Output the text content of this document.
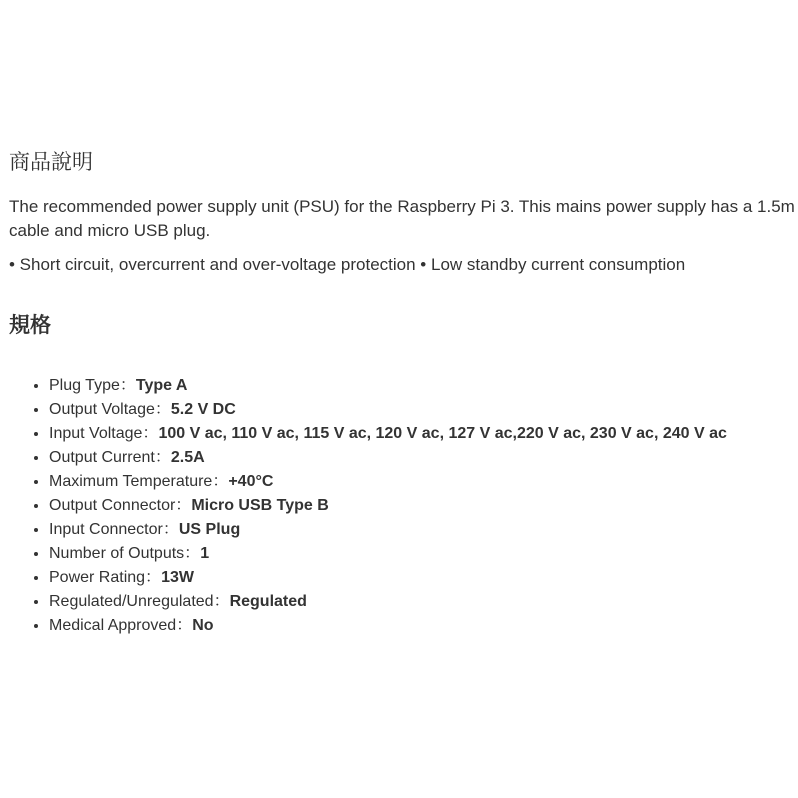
商品說明

The recommended power supply unit (PSU) for the Raspberry Pi 3. This mains power supply has a 1.5m cable and micro USB plug.

• Short circuit, overcurrent and over-voltage protection • Low standby current consumption

規格
• Plug Type：Type A
• Output Voltage：5.2 V DC
• Input Voltage：100 V ac, 110 V ac, 115 V ac, 120 V ac, 127 V ac,220 V ac, 230 V ac, 240 V ac
• Output Current：2.5A
• Maximum Temperature：+40°C
• Output Connector：Micro USB Type B
• Input Connector：US Plug
• Number of Outputs：1
• Power Rating：13W
• Regulated/Unregulated：Regulated
• Medical Approved：No
